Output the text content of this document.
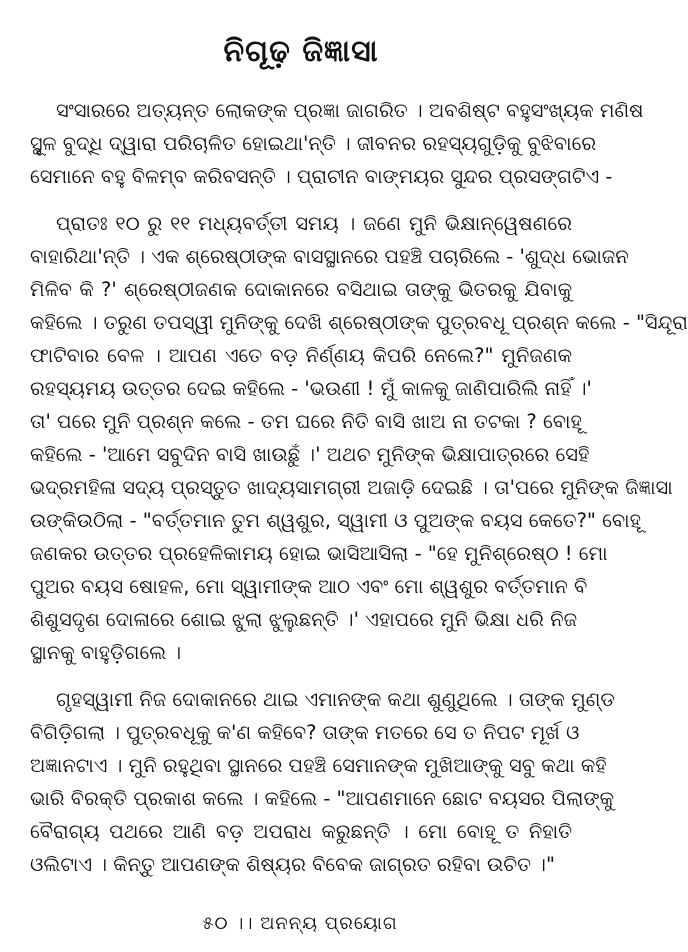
ନିଗୂଢ଼ ଜିଜ୍ଞାସା
ସଂସାରରେ ଅତ୍ୟନ୍ତ ଲୋକଙ୍କ ପ୍ରଜ୍ଞା ଜାଗରିତ । ଅବଶିଷ୍ଟ ବହୁସଂଖ୍ୟକ ମଣିଷ
ସ୍ଥୂଳ ବୁଦ୍ଧି ଦ୍ୱାରା ପରିଚାଳିତ ହୋଇଥା'ନ୍ତି । ଜୀବନର ରହସ୍ୟଗୁଡ଼ିକୁ ବୁଝିବାରେ
ସେମାନେ ବହୁ ବିଳମ୍ବ କରିବସନ୍ତି । ପ୍ରାଚୀନ ବାଙ୍ମୟର ସୁନ୍ଦର ପ୍ରସଙ୍ଗଟିଏ -
ପ୍ରାତଃ ୧୦ ରୁ ୧୧ ମଧ୍ୟବର୍ତ୍ତୀ ସମୟ । ଜଣେ ମୁନି ଭିକ୍ଷାନ୍ୱେଷଣରେ
ବାହାରିଥା'ନ୍ତି । ଏକ ଶ୍ରେଷ୍ଠୀଙ୍କ ବାସସ୍ଥାନରେ ପହଞ୍ଚି ପଚାରିଲେ - 'ଶୁଦ୍ଧ ଭୋଜନ
ମିଳିବ କି ?' ଶ୍ରେଷ୍ଠୀଜଣକ ଦୋକାନରେ ବସିଥାଇ ତାଙ୍କୁ ଭିତରକୁ ଯିବାକୁ
କହିଲେ । ତରୁଣ ତପସ୍ୱୀ ମୁନିଙ୍କୁ ଦେଖି ଶ୍ରେଷ୍ଠୀଙ୍କ ପୁତ୍ରବଧୂ ପ୍ରଶ୍ନ କଲେ - "ସିନ୍ଦୂରା
ଫାଟିବାର ବେଳ । ଆପଣ ଏତେ ବଡ଼ ନିର୍ଣ୍ଣୟ କିପରି ନେଲେ?" ମୁନିଜଣକ
ରହସ୍ୟମୟ ଉତ୍ତର ଦେଇ କହିଲେ - 'ଭଉଣୀ ! ମୁଁ କାଳକୁ ଜାଣିପାରିଲି ନାହିଁ ।'
ତା' ପରେ ମୁନି ପ୍ରଶ୍ନ କଲେ - ତମ ଘରେ ନିତି ବାସି ଖାଅ ନା ତଟକା ? ବୋହୂ
କହିଲେ - 'ଆମେ ସବୁଦିନ ବାସି ଖାଉଛୁଁ ।' ଅଥଚ ମୁନିଙ୍କ ଭିକ୍ଷାପାତ୍ରରେ ସେହି
ଭଦ୍ରମହିଳା ସଦ୍ୟ ପ୍ରସ୍ତୁତ ଖାଦ୍ୟସାମଗ୍ରୀ ଅଜାଡ଼ି ଦେଇଛି । ତା'ପରେ ମୁନିଙ୍କ ଜିଜ୍ଞାସା
ଉଙ୍କିଉଠିଲା - "ବର୍ତ୍ତମାନ ତୁମ ଶ୍ୱଶୁର, ସ୍ୱାମୀ ଓ ପୁଅଙ୍କ ବୟସ କେତେ?" ବୋହୂ
ଜଣକର ଉତ୍ତର ପ୍ରହେଳିକାମୟ ହୋଇ ଭାସିଆସିଲା - "ହେ ମୁନିଶ୍ରେଷ୍ଠ ! ମୋ
ପୁଅର ବୟସ ଷୋହଳ, ମୋ ସ୍ୱାମୀଙ୍କ ଆଠ ଏବଂ ମୋ ଶ୍ୱଶୁର ବର୍ତ୍ତମାନ ବି
ଶିଶୁସଦୃଶ ଦୋଳାରେ ଶୋଇ ଝୁଲା ଝୁଲୁଛନ୍ତି ।' ଏହାପରେ ମୁନି ଭିକ୍ଷା ଧରି ନିଜ
ସ୍ଥାନକୁ ବାହୁଡ଼ିଗଲେ ।
ଗୃହସ୍ୱାମୀ ନିଜ ଦୋକାନରେ ଥାଇ ଏମାନଙ୍କ କଥା ଶୁଣୁଥିଲେ । ତାଙ୍କ ମୁଣ୍ଡ
ବିଗିଡ଼ିଗଲା । ପୁତ୍ରବଧୂକୁ କ'ଣ କହିବେ? ତାଙ୍କ ମତରେ ସେ ତ ନିପଟ ମୂର୍ଖ ଓ
ଅଜ୍ଞାନଟାଏ । ମୁନି ରହୁଥିବା ସ୍ଥାନରେ ପହଞ୍ଚି ସେମାନଙ୍କ ମୁଖିଆଙ୍କୁ ସବୁ କଥା କହି
ଭାରି ବିରକ୍ତି ପ୍ରକାଶ କଲେ । କହିଲେ - "ଆପଣମାନେ ଛୋଟ ବୟସର ପିଲାଙ୍କୁ
ବୈରାଗ୍ୟ ପଥରେ ଆଣି ବଡ଼ ଅପରାଧ କରୁଛନ୍ତି । ମୋ ବୋହୂ ତ ନିହାତି
ଓଲିଟାଏ । କିନ୍ତୁ ଆପଣଙ୍କ ଶିଷ୍ୟର ବିବେକ ଜାଗ୍ରତ ରହିବା ଉଚିତ ।"
୫୦ ।। ଅନନ୍ୟ ପ୍ରୟୋଗ
